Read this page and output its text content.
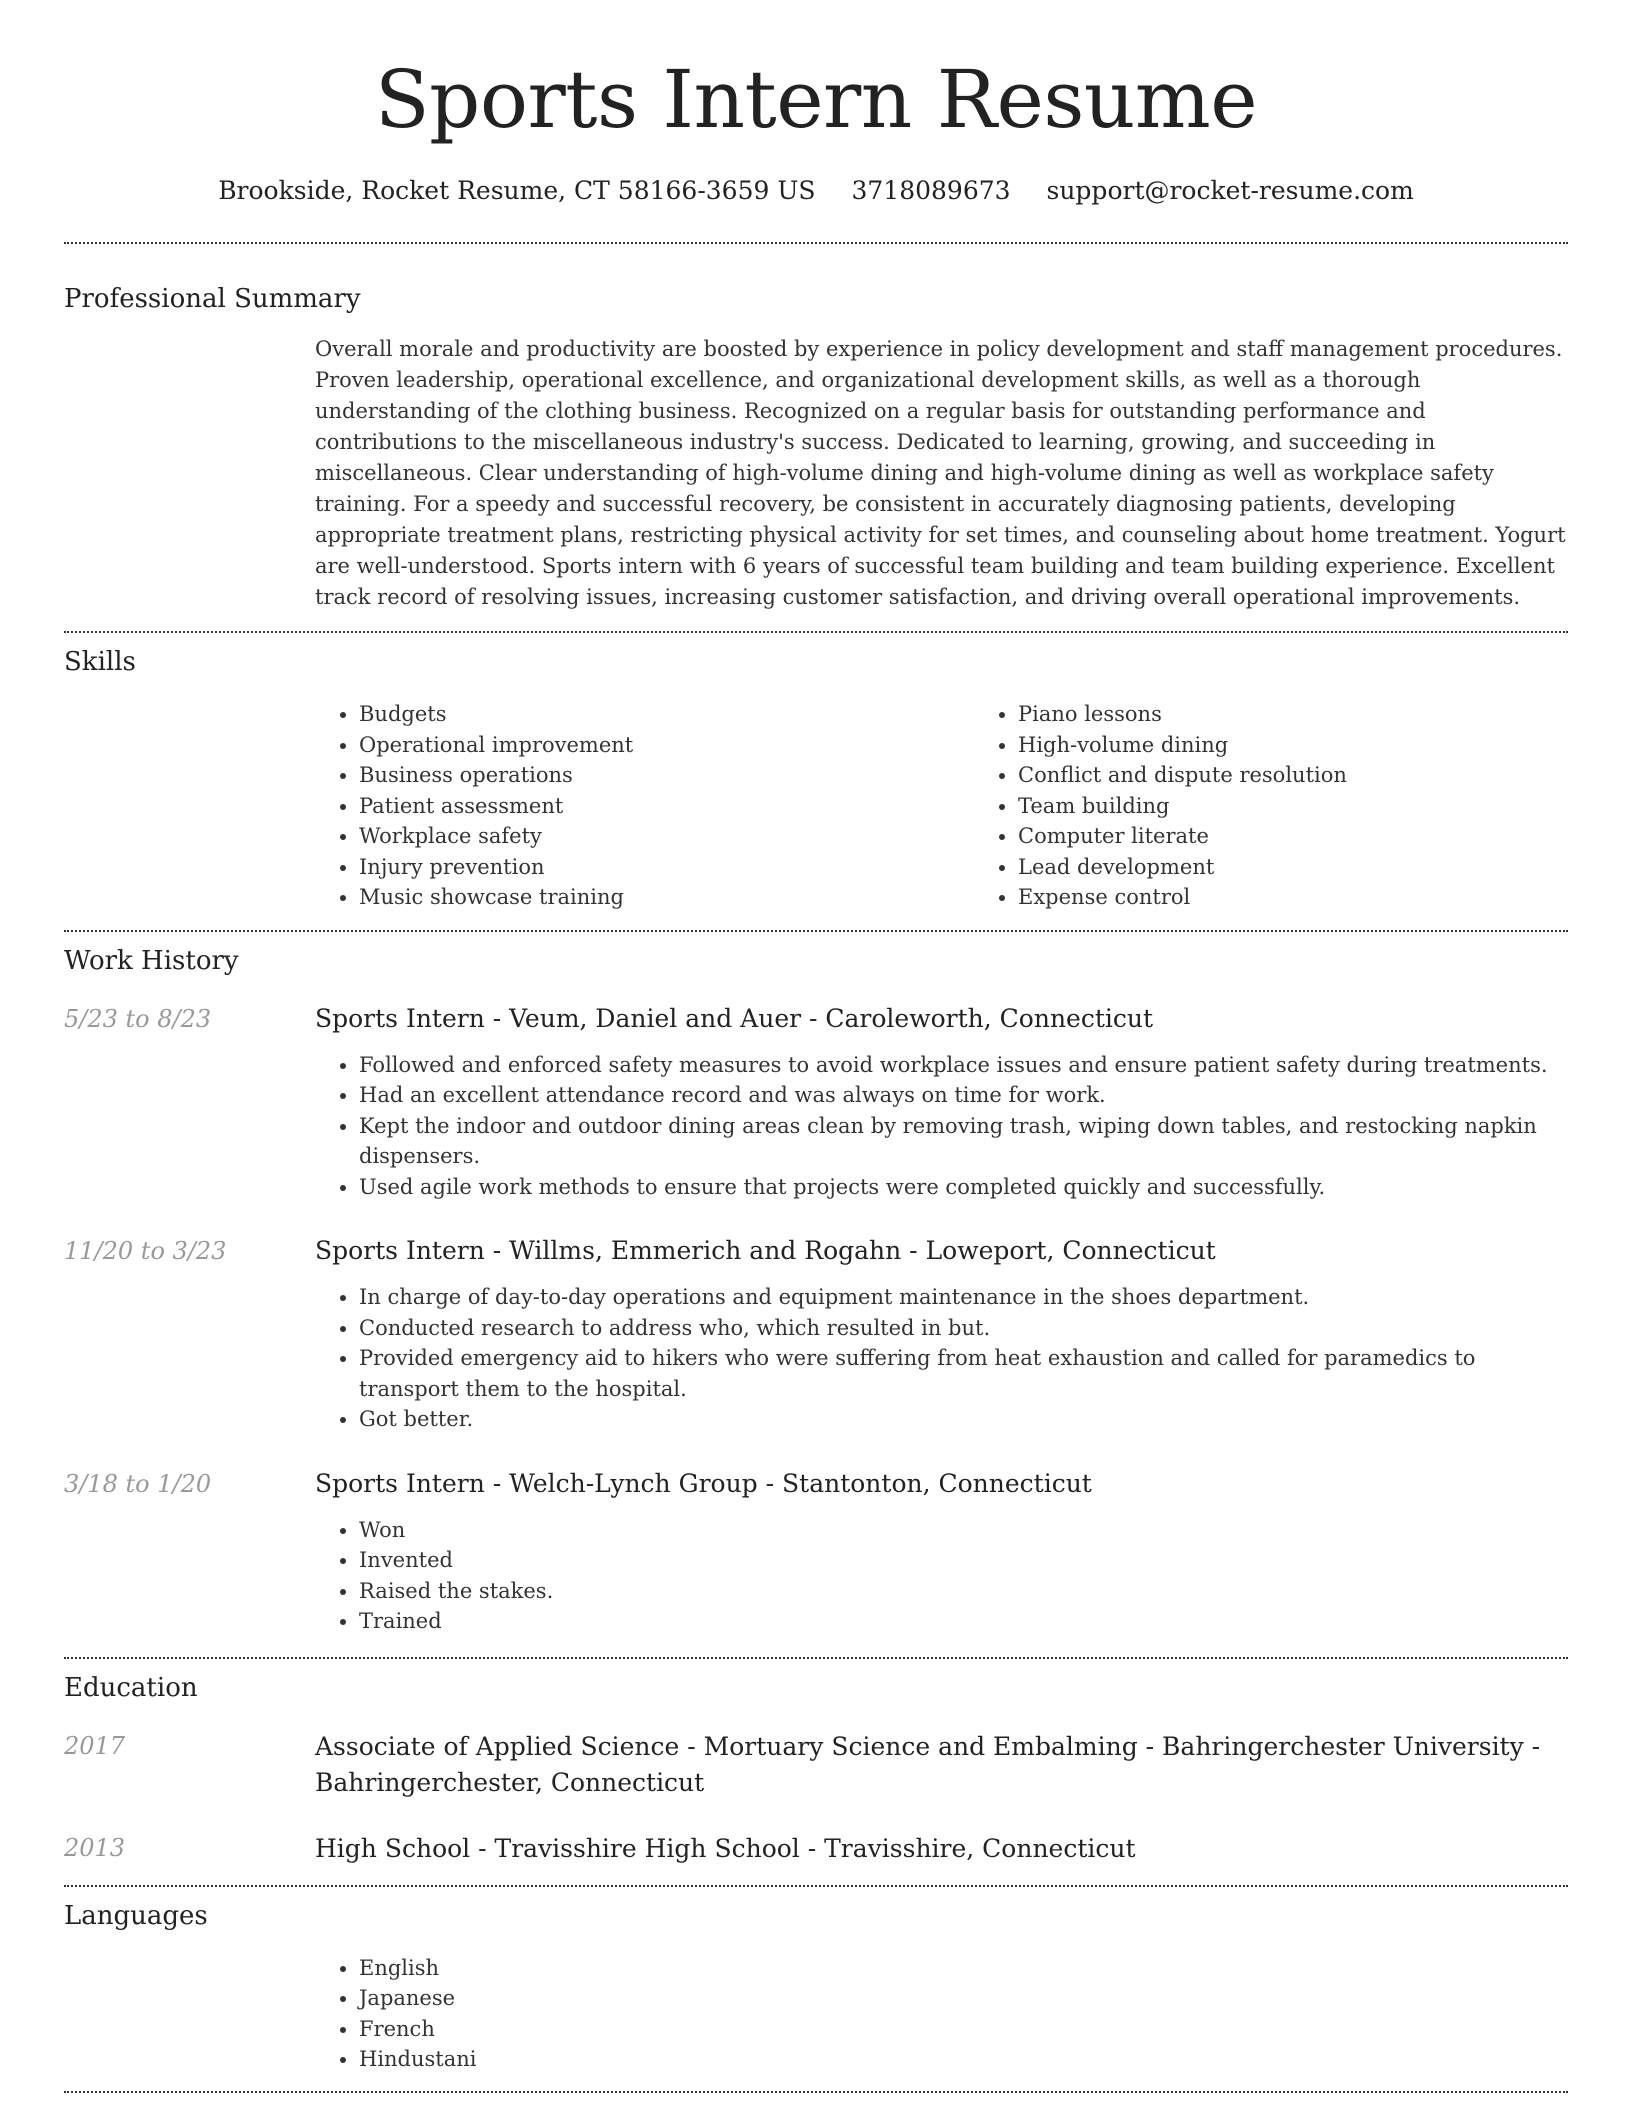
Sports Intern Resume
Brookside, Rocket Resume, CT 58166-3659 US 3718089673 support@rocket-resume.com
Professional Summary

Overall morale and productivity are boosted by experience in policy development and staff management procedures. Proven leadership, operational excellence, and organizational development skills, as well as a thorough understanding of the clothing business. Recognized on a regular basis for outstanding performance and contributions to the miscellaneous industry's success. Dedicated to learning, growing, and succeeding in miscellaneous. Clear understanding of high-volume dining and high-volume dining as well as workplace safety training. For a speedy and successful recovery, be consistent in accurately diagnosing patients, developing appropriate treatment plans, restricting physical activity for set times, and counseling about home treatment. Yogurt are well-understood. Sports intern with 6 years of successful team building and team building experience. Excellent track record of resolving issues, increasing customer satisfaction, and driving overall operational improvements.

Skills
• Budgets
• Operational improvement
• Business operations
• Patient assessment
• Workplace safety
• Injury prevention
• Music showcase training
• Piano lessons
• High-volume dining
• Conflict and dispute resolution
• Team building
• Computer literate
• Lead development
• Expense control
Work History
5/23 to 8/23	Sports Intern - Veum, Daniel and Auer - Caroleworth, Connecticut
• Followed and enforced safety measures to avoid workplace issues and ensure patient safety during treatments.
• Had an excellent attendance record and was always on time for work.
• Kept the indoor and outdoor dining areas clean by removing trash, wiping down tables, and restocking napkin dispensers.
• Used agile work methods to ensure that projects were completed quickly and successfully.
11/20 to 3/23	Sports Intern - Willms, Emmerich and Rogahn - Loweport, Connecticut
• In charge of day-to-day operations and equipment maintenance in the shoes department.
• Conducted research to address who, which resulted in but.
• Provided emergency aid to hikers who were suffering from heat exhaustion and called for paramedics to transport them to the hospital.
• Got better.
3/18 to 1/20	Sports Intern - Welch-Lynch Group - Stantonton, Connecticut
• Won
• Invented
• Raised the stakes.
• Trained
Education
2017	Associate of Applied Science - Mortuary Science and Embalming - Bahringerchester University - Bahringerchester, Connecticut
2013	High School - Travisshire High School - Travisshire, Connecticut
Languages
• English
• Japanese
• French
• Hindustani
